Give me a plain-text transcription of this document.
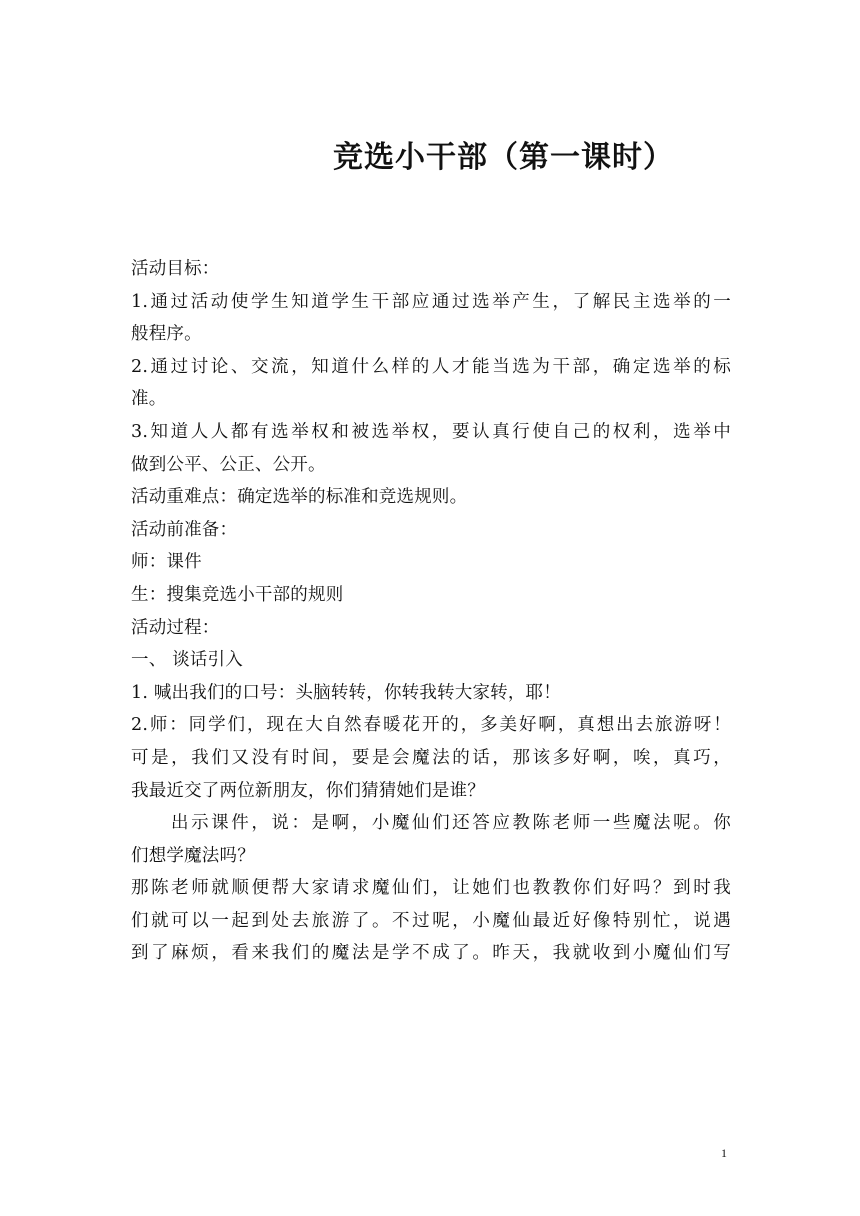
竞选小干部（第一课时）
活动目标：
1.通过活动使学生知道学生干部应通过选举产生，了解民主选举的一
般程序。
2.通过讨论、交流，知道什么样的人才能当选为干部，确定选举的标
准。
3.知道人人都有选举权和被选举权，要认真行使自己的权利，选举中
做到公平、公正、公开。
活动重难点：确定选举的标准和竞选规则。
活动前准备：
师：课件
生：搜集竞选小干部的规则
活动过程：
一、 谈话引入
1. 喊出我们的口号：头脑转转，你转我转大家转，耶！
2.师：同学们，现在大自然春暖花开的，多美好啊，真想出去旅游呀！
可是，我们又没有时间，要是会魔法的话，那该多好啊，唉，真巧，
我最近交了两位新朋友，你们猜猜她们是谁？
出示课件，说：是啊，小魔仙们还答应教陈老师一些魔法呢。你
们想学魔法吗？
那陈老师就顺便帮大家请求魔仙们，让她们也教教你们好吗？到时我
们就可以一起到处去旅游了。不过呢，小魔仙最近好像特别忙，说遇
到了麻烦，看来我们的魔法是学不成了。昨天，我就收到小魔仙们写
1
